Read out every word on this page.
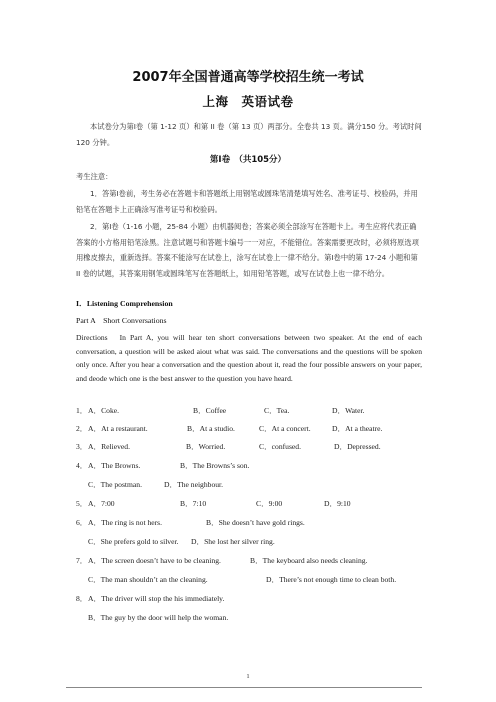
2007年全国普通高等学校招生统一考试
上海　英语试卷
本试卷分为第Ⅰ卷（第 1-12 页）和第 II 卷（第 13 页）两部分。全卷共 13 页。满分150 分。考试时间 120 分钟。
第Ⅰ卷　（共105分）
考生注意：
1．答第Ⅰ卷前，考生务必在答题卡和答题纸上用钢笔或圆珠笔清楚填写姓名、准考证号、校验码，并用铅笔在答题卡上正确涂写准考证号和校验码。
2．第Ⅰ卷（1-16 小题，25-84 小题）由机器阅卷；答案必须全部涂写在答题卡上。考生应将代表正确答案的小方格用铅笔涂黑。注意试题号和答题卡编号一一对应，不能错位。答案需要更改时，必须将原选项用橡皮擦去，重新选择。答案不能涂写在试卷上，涂写在试卷上一律不给分。第Ⅰ卷中的第 17-24 小题和第 II 卷的试题，其答案用钢笔或圆珠笔写在答题纸上，如用铅笔答题，或写在试卷上也一律不给分。
I．Listening Comprehension
Part A　Short Conversations
Directions　In Part A, you will hear ten short conversations between two speaker. At the end of each conversation, a question will be asked aiout what was said. The conversations and the questions will be spoken only once. After you hear a conversation and the question about it, read the four possible answers on your paper, and deode which one is the best answer to the question you have heard.
1． A．Coke.	B．Coffee	C．Tea.	D．Water.
2． A．At a restaurant.	B．At a studio.	C．At a concert.	D．At a theatre.
3． A．Relieved.	B．Worried.	C．confused.	D．Depressed.
4． A．The Browns.	B．The Browns’s son.
C．The postman.	D．The neighbour.
5． A．7:00	B．7:10	C．9:00	D．9:10
6． A．The ring is not hers.	B．She doesn’t have gold rings.
C．She prefers gold to silver. D．She lost her silver ring.
7． A．The screen doesn’t have to be cleaning.	B．The keyboard also needs cleaning.
C．The man shouldn’t an the cleaning.	D．There’s not enough time to clean both.
8． A．The driver will stop the his immediately.
B．The guy by the door will help the woman.
1
